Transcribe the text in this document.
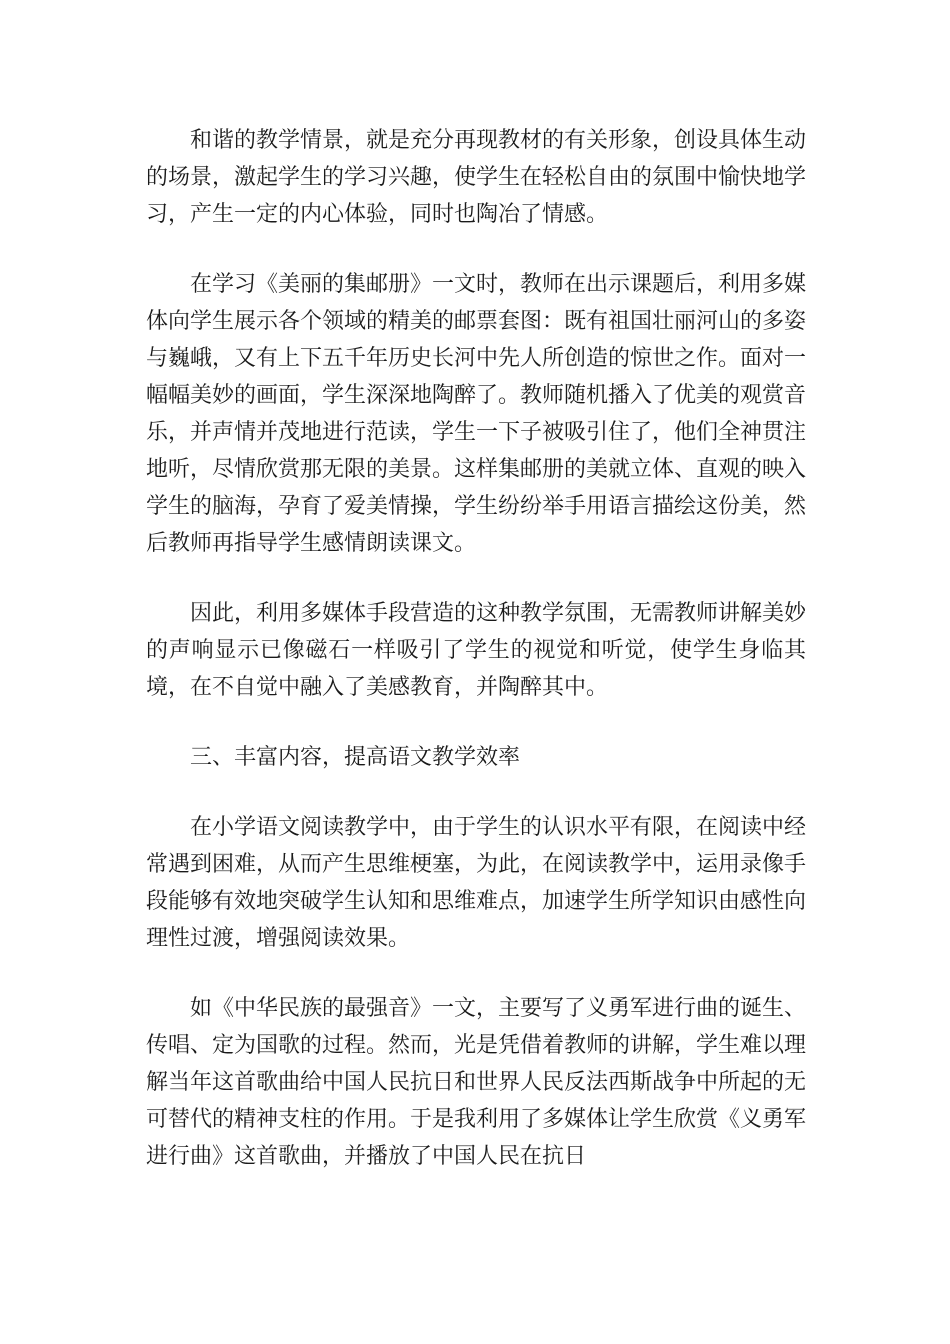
和谐的教学情景，就是充分再现教材的有关形象，创设具体生动的场景，激起学生的学习兴趣，使学生在轻松自由的氛围中愉快地学习，产生一定的内心体验，同时也陶冶了情感。

在学习《美丽的集邮册》一文时，教师在出示课题后，利用多媒体向学生展示各个领域的精美的邮票套图：既有祖国壮丽河山的多姿与巍峨，又有上下五千年历史长河中先人所创造的惊世之作。面对一幅幅美妙的画面，学生深深地陶醉了。教师随机播入了优美的观赏音乐，并声情并茂地进行范读，学生一下子被吸引住了，他们全神贯注地听，尽情欣赏那无限的美景。这样集邮册的美就立体、直观的映入学生的脑海，孕育了爱美情操，学生纷纷举手用语言描绘这份美，然后教师再指导学生感情朗读课文。

因此，利用多媒体手段营造的这种教学氛围，无需教师讲解美妙的声响显示已像磁石一样吸引了学生的视觉和听觉，使学生身临其境，在不自觉中融入了美感教育，并陶醉其中。

三、丰富内容，提高语文教学效率

在小学语文阅读教学中，由于学生的认识水平有限，在阅读中经常遇到困难，从而产生思维梗塞，为此，在阅读教学中，运用录像手段能够有效地突破学生认知和思维难点，加速学生所学知识由感性向理性过渡，增强阅读效果。

如《中华民族的最强音》一文，主要写了义勇军进行曲的诞生、传唱、定为国歌的过程。然而，光是凭借着教师的讲解，学生难以理解当年这首歌曲给中国人民抗日和世界人民反法西斯战争中所起的无可替代的精神支柱的作用。于是我利用了多媒体让学生欣赏《义勇军进行曲》这首歌曲，并播放了中国人民在抗日
